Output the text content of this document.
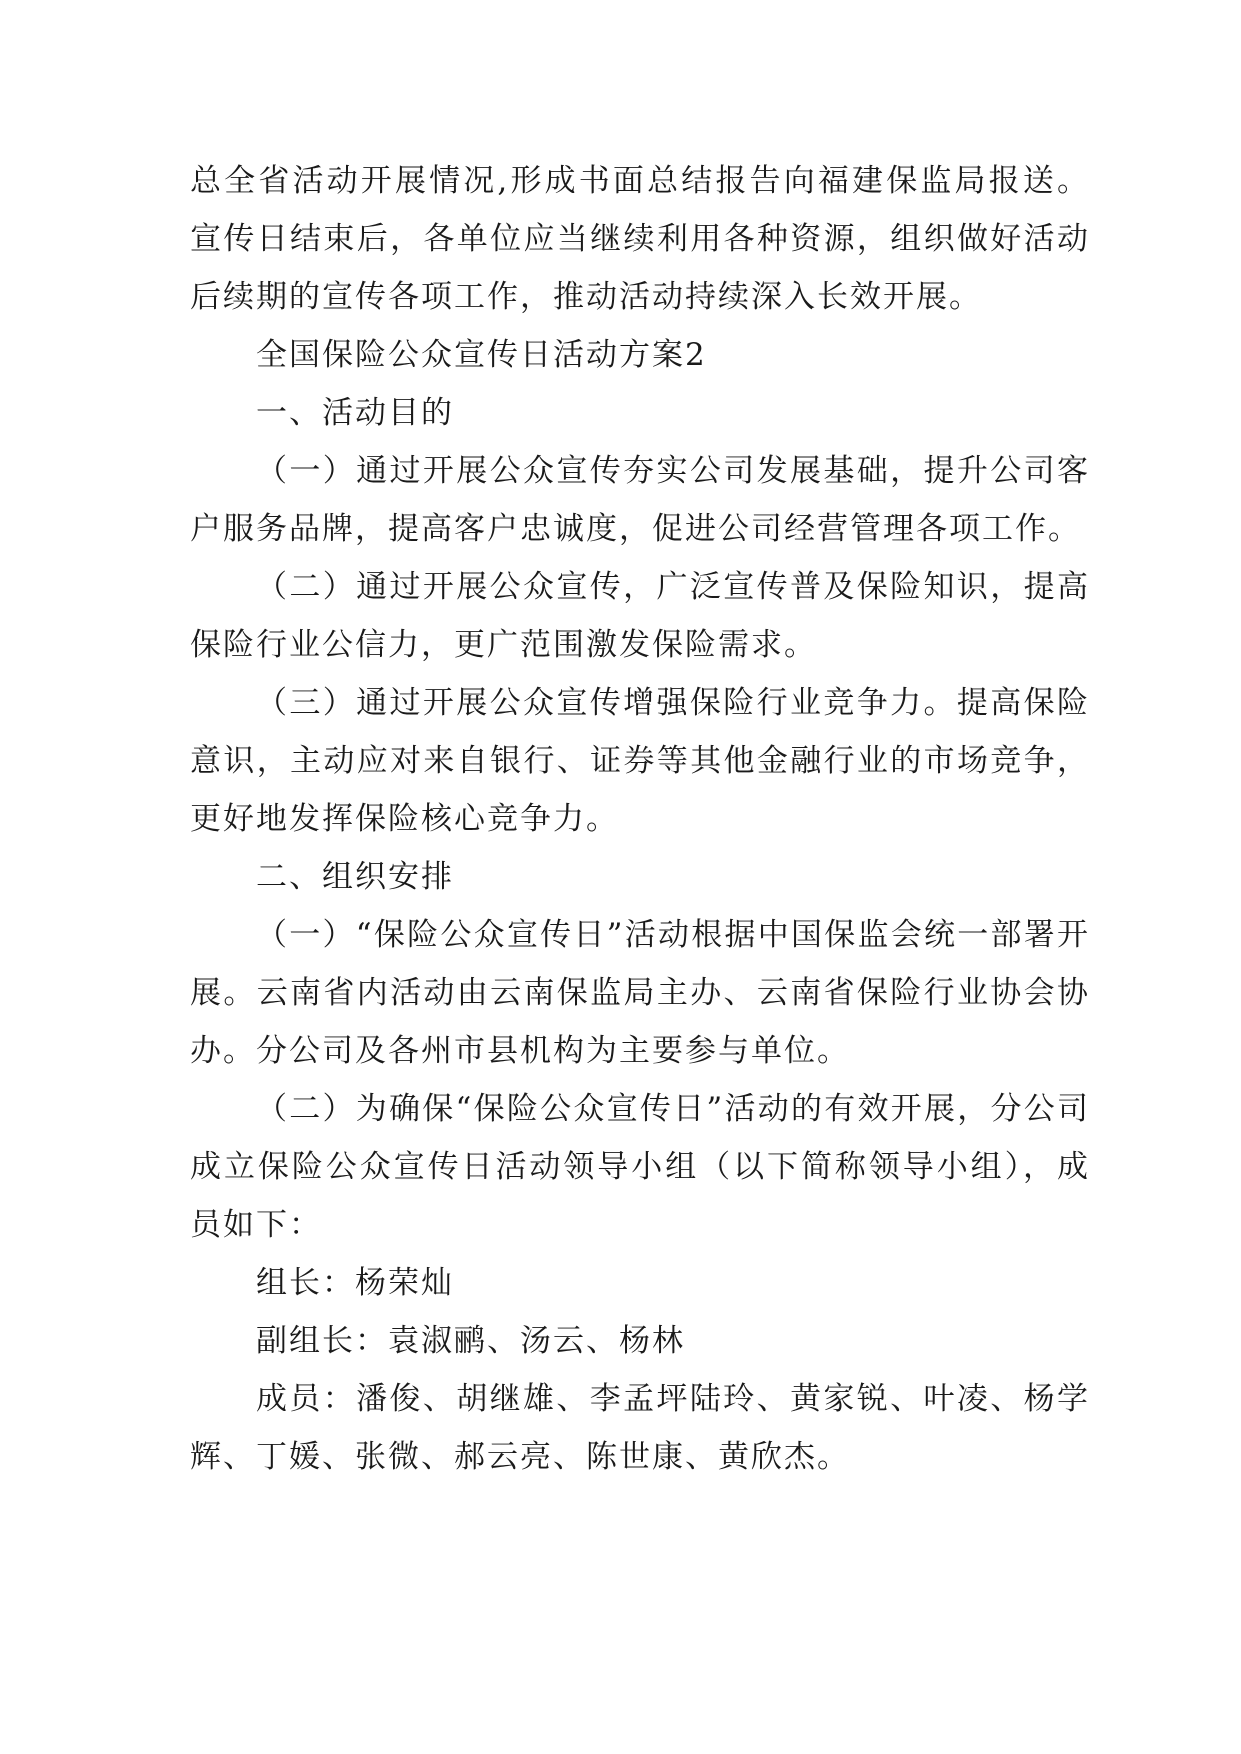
总全省活动开展情况,形成书面总结报告向福建保监局报送。宣传日结束后，各单位应当继续利用各种资源，组织做好活动后续期的宣传各项工作，推动活动持续深入长效开展。

全国保险公众宣传日活动方案2

一、活动目的

（一）通过开展公众宣传夯实公司发展基础，提升公司客户服务品牌，提高客户忠诚度，促进公司经营管理各项工作。

（二）通过开展公众宣传，广泛宣传普及保险知识，提高保险行业公信力，更广范围激发保险需求。

（三）通过开展公众宣传增强保险行业竞争力。提高保险意识，主动应对来自银行、证券等其他金融行业的市场竞争，更好地发挥保险核心竞争力。

二、组织安排

（一）“保险公众宣传日”活动根据中国保监会统一部署开展。云南省内活动由云南保监局主办、云南省保险行业协会协办。分公司及各州市县机构为主要参与单位。

（二）为确保“保险公众宣传日”活动的有效开展，分公司成立保险公众宣传日活动领导小组（以下简称领导小组），成员如下：

组长：杨荣灿

副组长：袁淑鹂、汤云、杨林

成员：潘俊、胡继雄、李孟坪陆玲、黄家锐、叶凌、杨学辉、丁媛、张微、郝云亮、陈世康、黄欣杰。
